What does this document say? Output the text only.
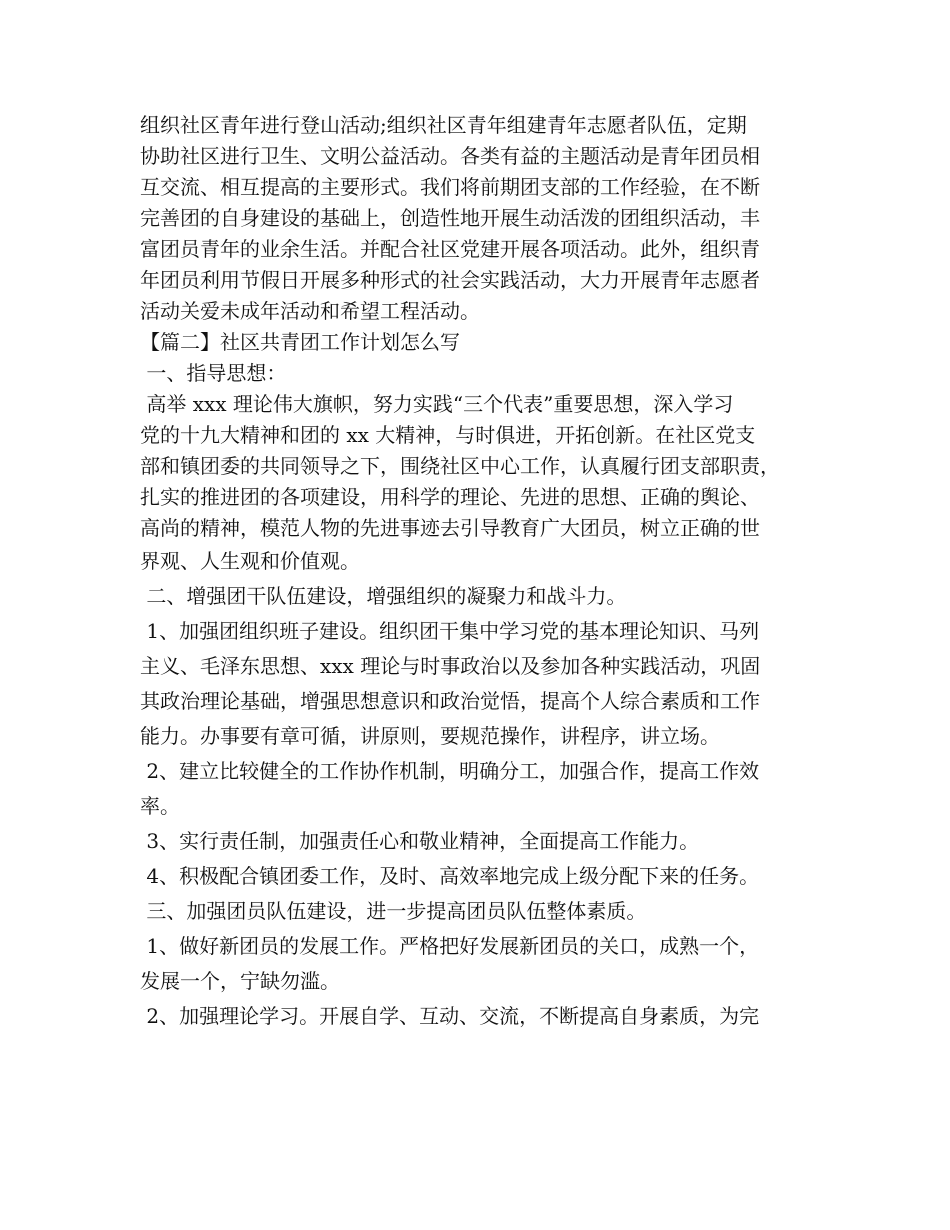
组织社区青年进行登山活动;组织社区青年组建青年志愿者队伍，定期
协助社区进行卫生、文明公益活动。各类有益的主题活动是青年团员相
互交流、相互提高的主要形式。我们将前期团支部的工作经验，在不断
完善团的自身建设的基础上，创造性地开展生动活泼的团组织活动，丰
富团员青年的业余生活。并配合社区党建开展各项活动。此外，组织青
年团员利用节假日开展多种形式的社会实践活动，大力开展青年志愿者
活动关爱未成年活动和希望工程活动。
【篇二】社区共青团工作计划怎么写
一、指导思想：
高举 xxx 理论伟大旗帜，努力实践“三个代表”重要思想，深入学习
党的十九大精神和团的 xx 大精神，与时俱进，开拓创新。在社区党支
部和镇团委的共同领导之下，围绕社区中心工作，认真履行团支部职责，
扎实的推进团的各项建设，用科学的理论、先进的思想、正确的舆论、
高尚的精神，模范人物的先进事迹去引导教育广大团员，树立正确的世
界观、人生观和价值观。
二、增强团干队伍建设，增强组织的凝聚力和战斗力。
1、加强团组织班子建设。组织团干集中学习党的基本理论知识、马列
主义、毛泽东思想、xxx 理论与时事政治以及参加各种实践活动，巩固
其政治理论基础，增强思想意识和政治觉悟，提高个人综合素质和工作
能力。办事要有章可循，讲原则，要规范操作，讲程序，讲立场。
2、建立比较健全的工作协作机制，明确分工，加强合作，提高工作效
率。
3、实行责任制，加强责任心和敬业精神，全面提高工作能力。
4、积极配合镇团委工作，及时、高效率地完成上级分配下来的任务。
三、加强团员队伍建设，进一步提高团员队伍整体素质。
1、做好新团员的发展工作。严格把好发展新团员的关口，成熟一个，
发展一个，宁缺勿滥。
2、加强理论学习。开展自学、互动、交流，不断提高自身素质，为完
